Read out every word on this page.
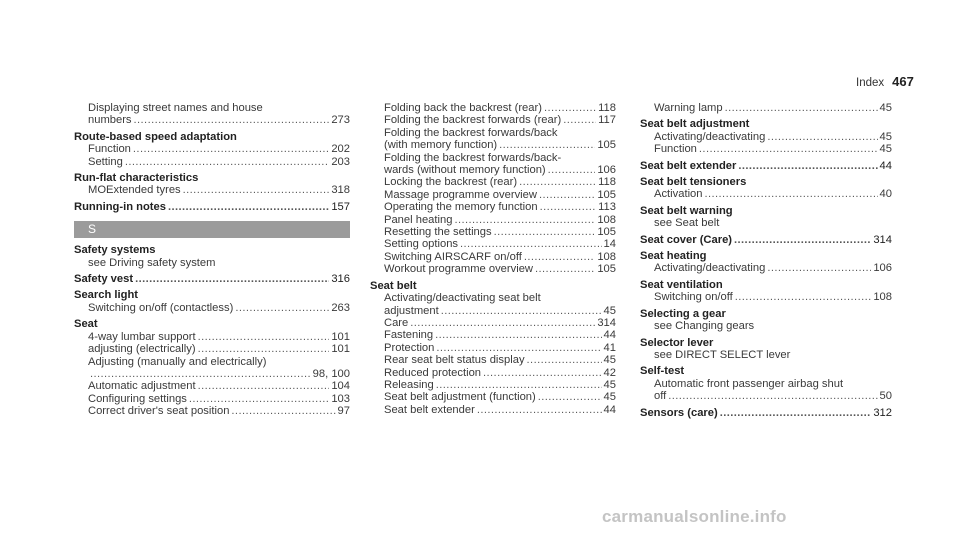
Index 467
Displaying street names and house
numbers .....	273
Route-based speed adaptation
Function .....	202
Setting .....	203
Run-flat characteristics
MOExtended tyres .....	318
Running-in notes .....	157
S
Safety systems
see Driving safety system
Safety vest .....	316
Search light
Switching on/off (contactless) .....	263
Seat
4-way lumbar support .....	101
adjusting (electrically) .....	101
Adjusting (manually and electrically)
.....
98, 100
Automatic adjustment .....	104
Configuring settings .....	103
Correct driver's seat position .....	97
Folding back the backrest (rear) .....	118
Folding the backrest forwards (rear) .....	117
Folding the backrest forwards/back
(with memory function) .....	105
Folding the backrest forwards/back-
wards (without memory function) .....	106
Locking the backrest (rear) .....	118
Massage programme overview .....	105
Operating the memory function .....	113
Panel heating .....	108
Resetting the settings .....	105
Setting options .....	14
Switching AIRSCARF on/off .....	108
Workout programme overview .....	105
Seat belt
Activating/deactivating seat belt
adjustment .....	45
Care .....	314
Fastening .....	44
Protection .....	41
Rear seat belt status display .....	45
Reduced protection .....	42
Releasing .....	45
Seat belt adjustment (function) .....	45
Seat belt extender .....	44
Warning lamp .....	45
Seat belt adjustment
Activating/deactivating .....	45
Function .....	45
Seat belt extender .....	44
Seat belt tensioners
Activation .....	40
Seat belt warning
see Seat belt
Seat cover (Care) .....	314
Seat heating
Activating/deactivating .....	106
Seat ventilation
Switching on/off .....	108
Selecting a gear
see Changing gears
Selector lever
see DIRECT SELECT lever
Self-test
Automatic front passenger airbag shut
off .....	50
Sensors (care) .....	312
carmanualsonline.info
